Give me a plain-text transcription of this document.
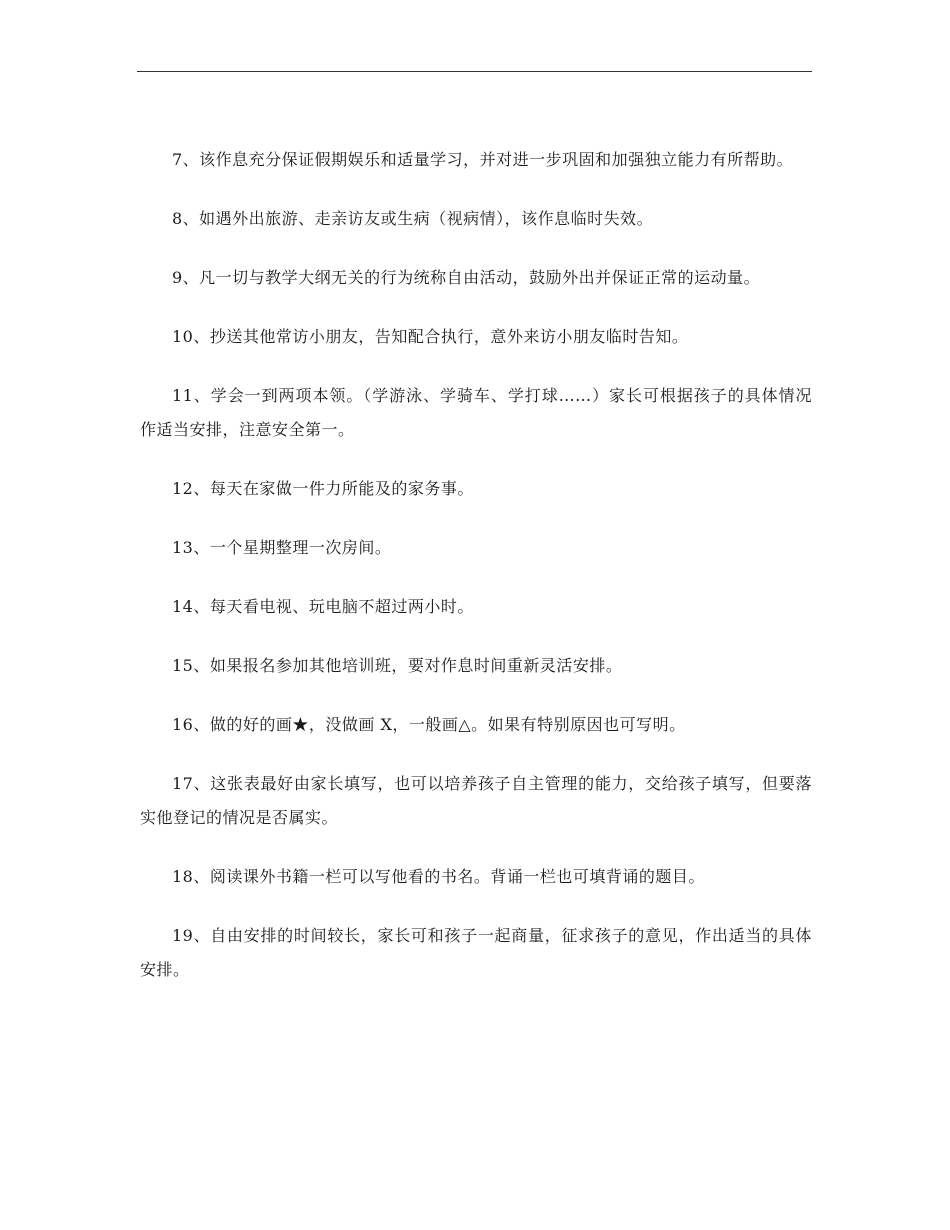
7、该作息充分保证假期娱乐和适量学习，并对进一步巩固和加强独立能力有所帮助。

8、如遇外出旅游、走亲访友或生病（视病情），该作息临时失效。

9、凡一切与教学大纲无关的行为统称自由活动，鼓励外出并保证正常的运动量。

10、抄送其他常访小朋友，告知配合执行，意外来访小朋友临时告知。

11、学会一到两项本领。（学游泳、学骑车、学打球……）家长可根据孩子的具体情况作适当安排，注意安全第一。

12、每天在家做一件力所能及的家务事。

13、一个星期整理一次房间。

14、每天看电视、玩电脑不超过两小时。

15、如果报名参加其他培训班，要对作息时间重新灵活安排。

16、做的好的画★，没做画 X，一般画△。如果有特别原因也可写明。

17、这张表最好由家长填写，也可以培养孩子自主管理的能力，交给孩子填写，但要落实他登记的情况是否属实。

18、阅读课外书籍一栏可以写他看的书名。背诵一栏也可填背诵的题目。

19、自由安排的时间较长，家长可和孩子一起商量，征求孩子的意见，作出适当的具体安排。
